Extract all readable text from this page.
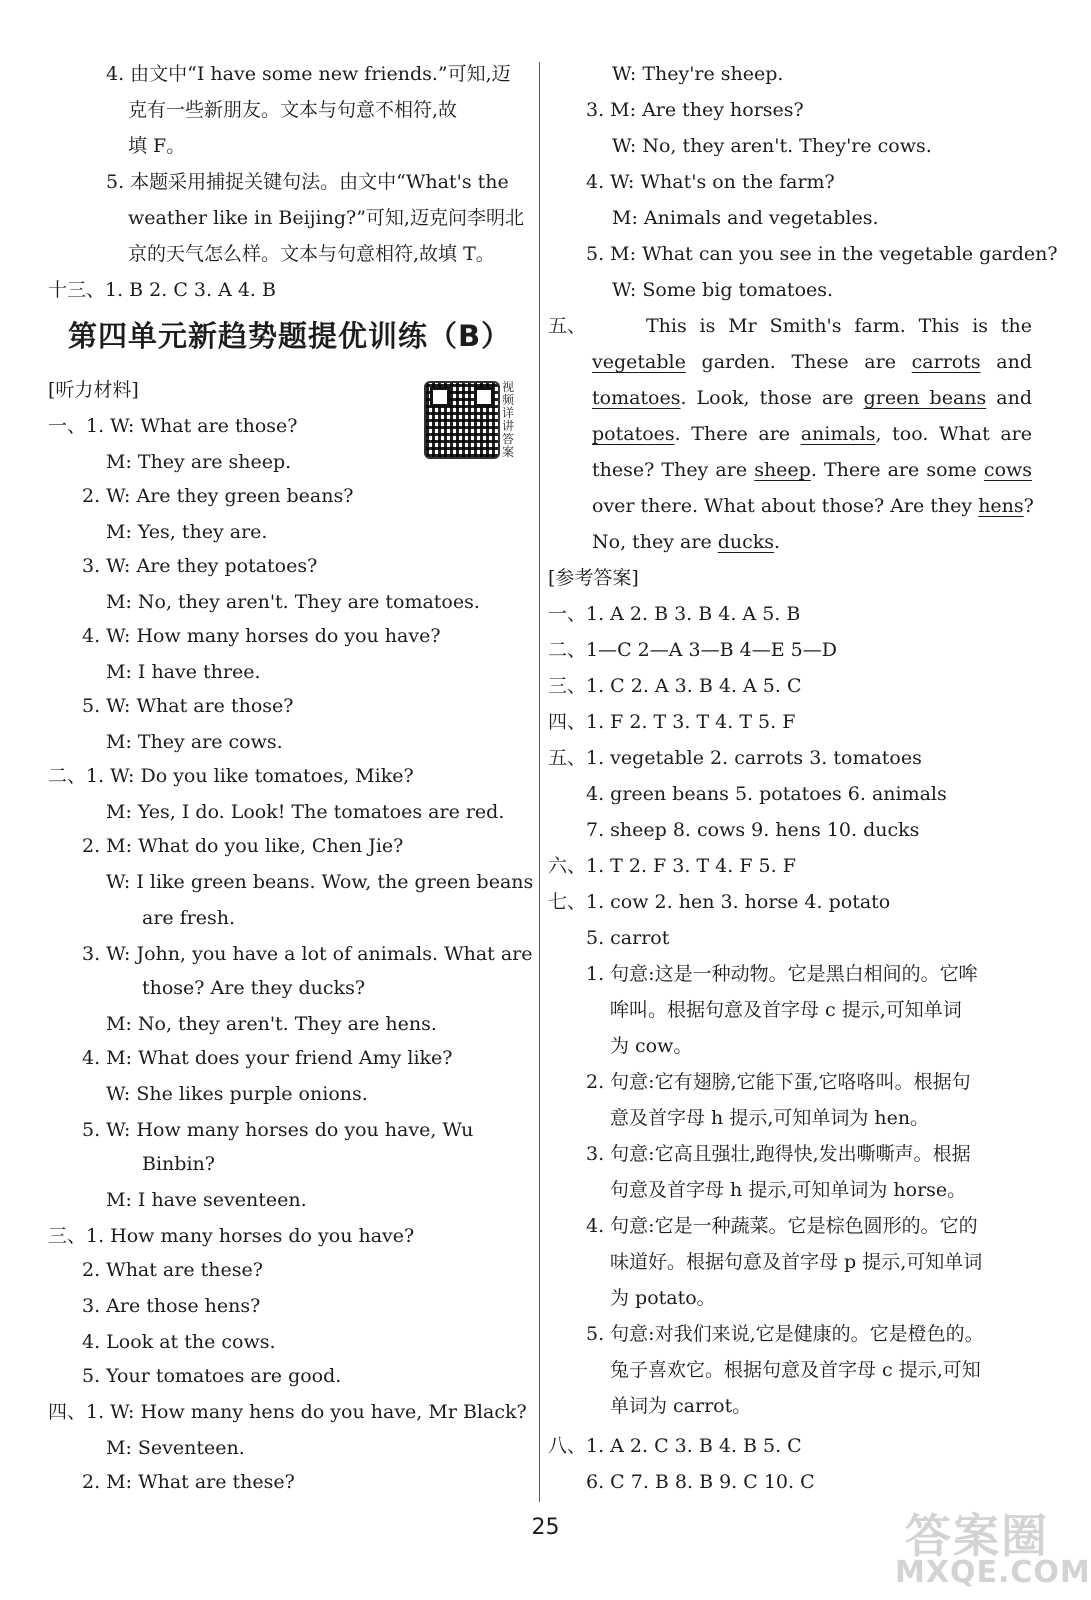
4. 由文中“I have some new friends.”可知,迈
克有一些新朋友。文本与句意不相符,故
填 F。
5. 本题采用捕捉关键句法。由文中“What's the
weather like in Beijing?”可知,迈克问李明北
京的天气怎么样。文本与句意相符,故填 T。
十三、1. B 2. C 3. A 4. B
第四单元新趋势题提优训练（B）
视频详讲答案
[听力材料]
一、1. W: What are those?
M: They are sheep.
2. W: Are they green beans?
M: Yes, they are.
3. W: Are they potatoes?
M: No, they aren't. They are tomatoes.
4. W: How many horses do you have?
M: I have three.
5. W: What are those?
M: They are cows.
二、1. W: Do you like tomatoes, Mike?
M: Yes, I do. Look! The tomatoes are red.
2. M: What do you like, Chen Jie?
W: I like green beans. Wow, the green beans
are fresh.
3. W: John, you have a lot of animals. What are
those? Are they ducks?
M: No, they aren't. They are hens.
4. M: What does your friend Amy like?
W: She likes purple onions.
5. W: How many horses do you have, Wu
Binbin?
M: I have seventeen.
三、1. How many horses do you have?
2. What are these?
3. Are those hens?
4. Look at the cows.
5. Your tomatoes are good.
四、1. W: How many hens do you have, Mr Black?
M: Seventeen.
2. M: What are these?
W: They're sheep.
3. M: Are they horses?
W: No, they aren't. They're cows.
4. W: What's on the farm?
M: Animals and vegetables.
5. M: What can you see in the vegetable garden?
W: Some big tomatoes.
五、	This is Mr Smith's farm. This is the
vegetable garden. These are carrots and
tomatoes. Look, those are green beans and
potatoes. There are animals, too. What are
these? They are sheep. There are some cows
over there. What about those? Are they hens?
No, they are ducks.
[参考答案]
一、1. A 2. B 3. B 4. A 5. B
二、1—C 2—A 3—B 4—E 5—D
三、1. C 2. A 3. B 4. A 5. C
四、1. F 2. T 3. T 4. T 5. F
五、1. vegetable 2. carrots 3. tomatoes
4. green beans 5. potatoes 6. animals
7. sheep 8. cows 9. hens 10. ducks
六、1. T 2. F 3. T 4. F 5. F
七、1. cow 2. hen 3. horse 4. potato
5. carrot
1. 句意:这是一种动物。它是黑白相间的。它哞
哞叫。根据句意及首字母 c 提示,可知单词
为 cow。
2. 句意:它有翅膀,它能下蛋,它咯咯叫。根据句
意及首字母 h 提示,可知单词为 hen。
3. 句意:它高且强壮,跑得快,发出嘶嘶声。根据
句意及首字母 h 提示,可知单词为 horse。
4. 句意:它是一种蔬菜。它是棕色圆形的。它的
味道好。根据句意及首字母 p 提示,可知单词
为 potato。
5. 句意:对我们来说,它是健康的。它是橙色的。
兔子喜欢它。根据句意及首字母 c 提示,可知
单词为 carrot。
八、1. A 2. C 3. B 4. B 5. C
6. C 7. B 8. B 9. C 10. C
25	答案圈
MXQE.COM
